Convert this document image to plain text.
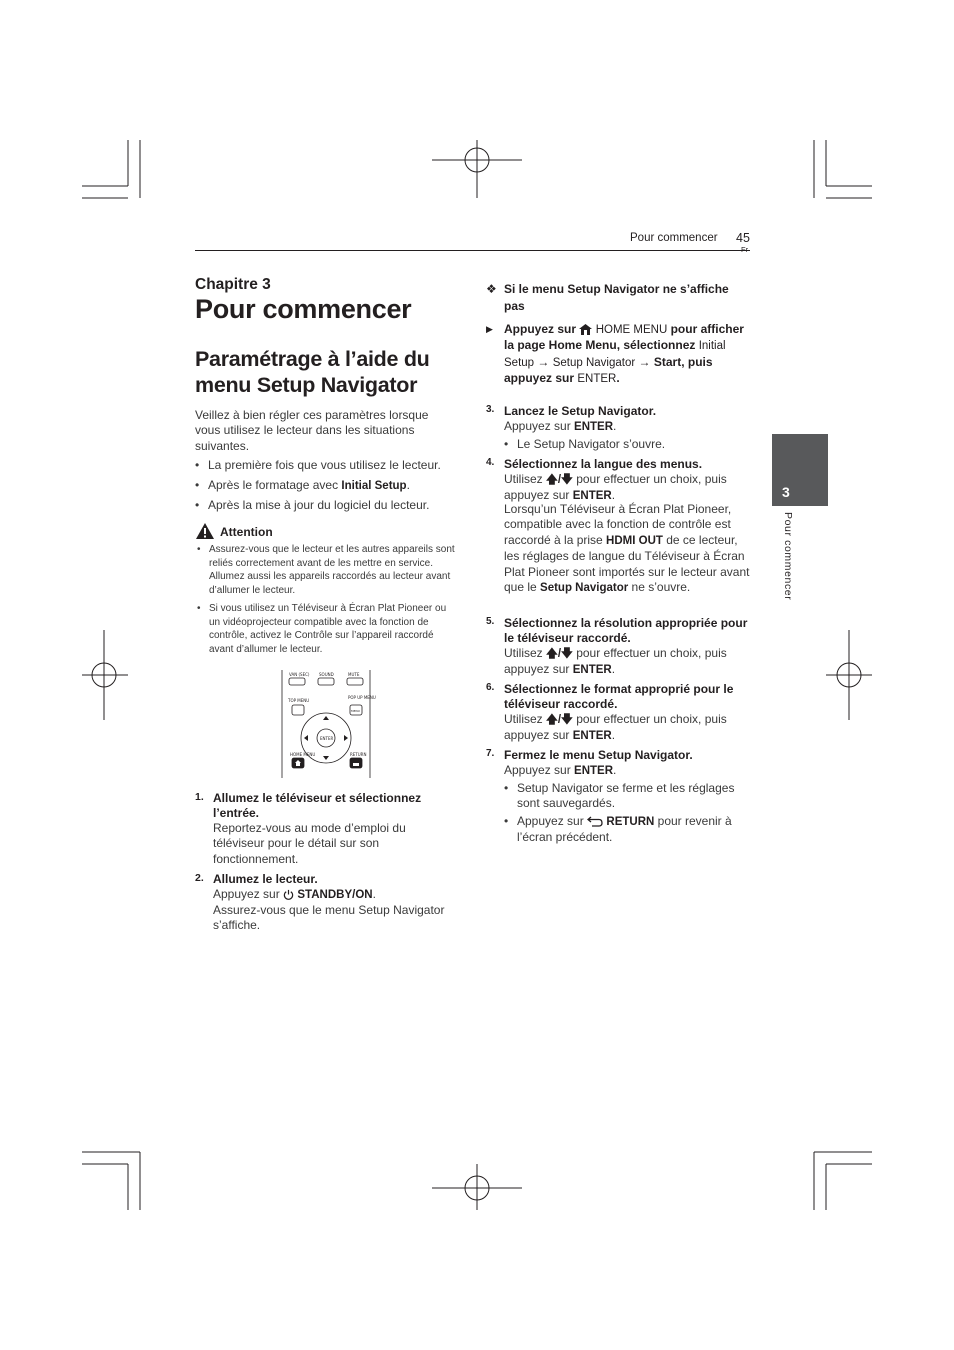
Pour commencer 45
3
Pour commencer
Chapitre 3
Pour commencer
Paramétrage à l’aide du menu Setup Navigator
Veillez à bien régler ces paramètres lorsque vous utilisez le lecteur dans les situations suivantes.
• La première fois que vous utilisez le lecteur.
• Après le formatage avec Initial Setup.
• Après la mise à jour du logiciel du lecteur.
Attention
• Assurez-vous que le lecteur et les autres appareils sont reliés correctement avant de les mettre en service. Allumez aussi les appareils raccordés au lecteur avant d’allumer le lecteur.
• Si vous utilisez un Téléviseur à Écran Plat Pioneer ou un vidéoprojecteur compatible avec la fonction de contrôle, activez le Contrôle sur l’appareil raccordé avant d’allumer le lecteur.
VAN (SEC) SOUND	MUTE
TOP MENU
POP UP MENU
MENU
ENTER
HOME MENU	RETURN
1. Allumez le téléviseur et sélectionnez l’entrée.
Reportez-vous au mode d’emploi du téléviseur pour le détail sur son fonctionnement.
2. Allumez le lecteur.
Appuyez sur  STANDBY/ON.
Assurez-vous que le menu Setup Navigator s’affiche.
❖ Si le menu Setup Navigator ne s’affiche pas
▶ Appuyez sur  HOME MENU pour afficher la page Home Menu, sélectionnez Initial Setup → Setup Navigator → Start, puis appuyez sur ENTER.
3. Lancez le Setup Navigator.
Appuyez sur ENTER.
• Le Setup Navigator s’ouvre.
4. Sélectionnez la langue des menus.
Utilisez 🡅/🡇 pour effectuer un choix, puis appuyez sur ENTER.
Lorsqu’un Téléviseur à Écran Plat Pioneer, compatible avec la fonction de contrôle est raccordé à la prise HDMI OUT de ce lecteur, les réglages de langue du Téléviseur à Écran Plat Pioneer sont importés sur le lecteur avant que le Setup Navigator ne s’ouvre.
5. Sélectionnez la résolution appropriée pour le téléviseur raccordé.
Utilisez 🡅/🡇 pour effectuer un choix, puis appuyez sur ENTER.
6. Sélectionnez le format approprié pour le téléviseur raccordé.
Utilisez 🡅/🡇 pour effectuer un choix, puis appuyez sur ENTER.
7. Fermez le menu Setup Navigator.
Appuyez sur ENTER.
• Setup Navigator se ferme et les réglages sont sauvegardés.
• Appuyez sur  RETURN pour revenir à l’écran précédent.
